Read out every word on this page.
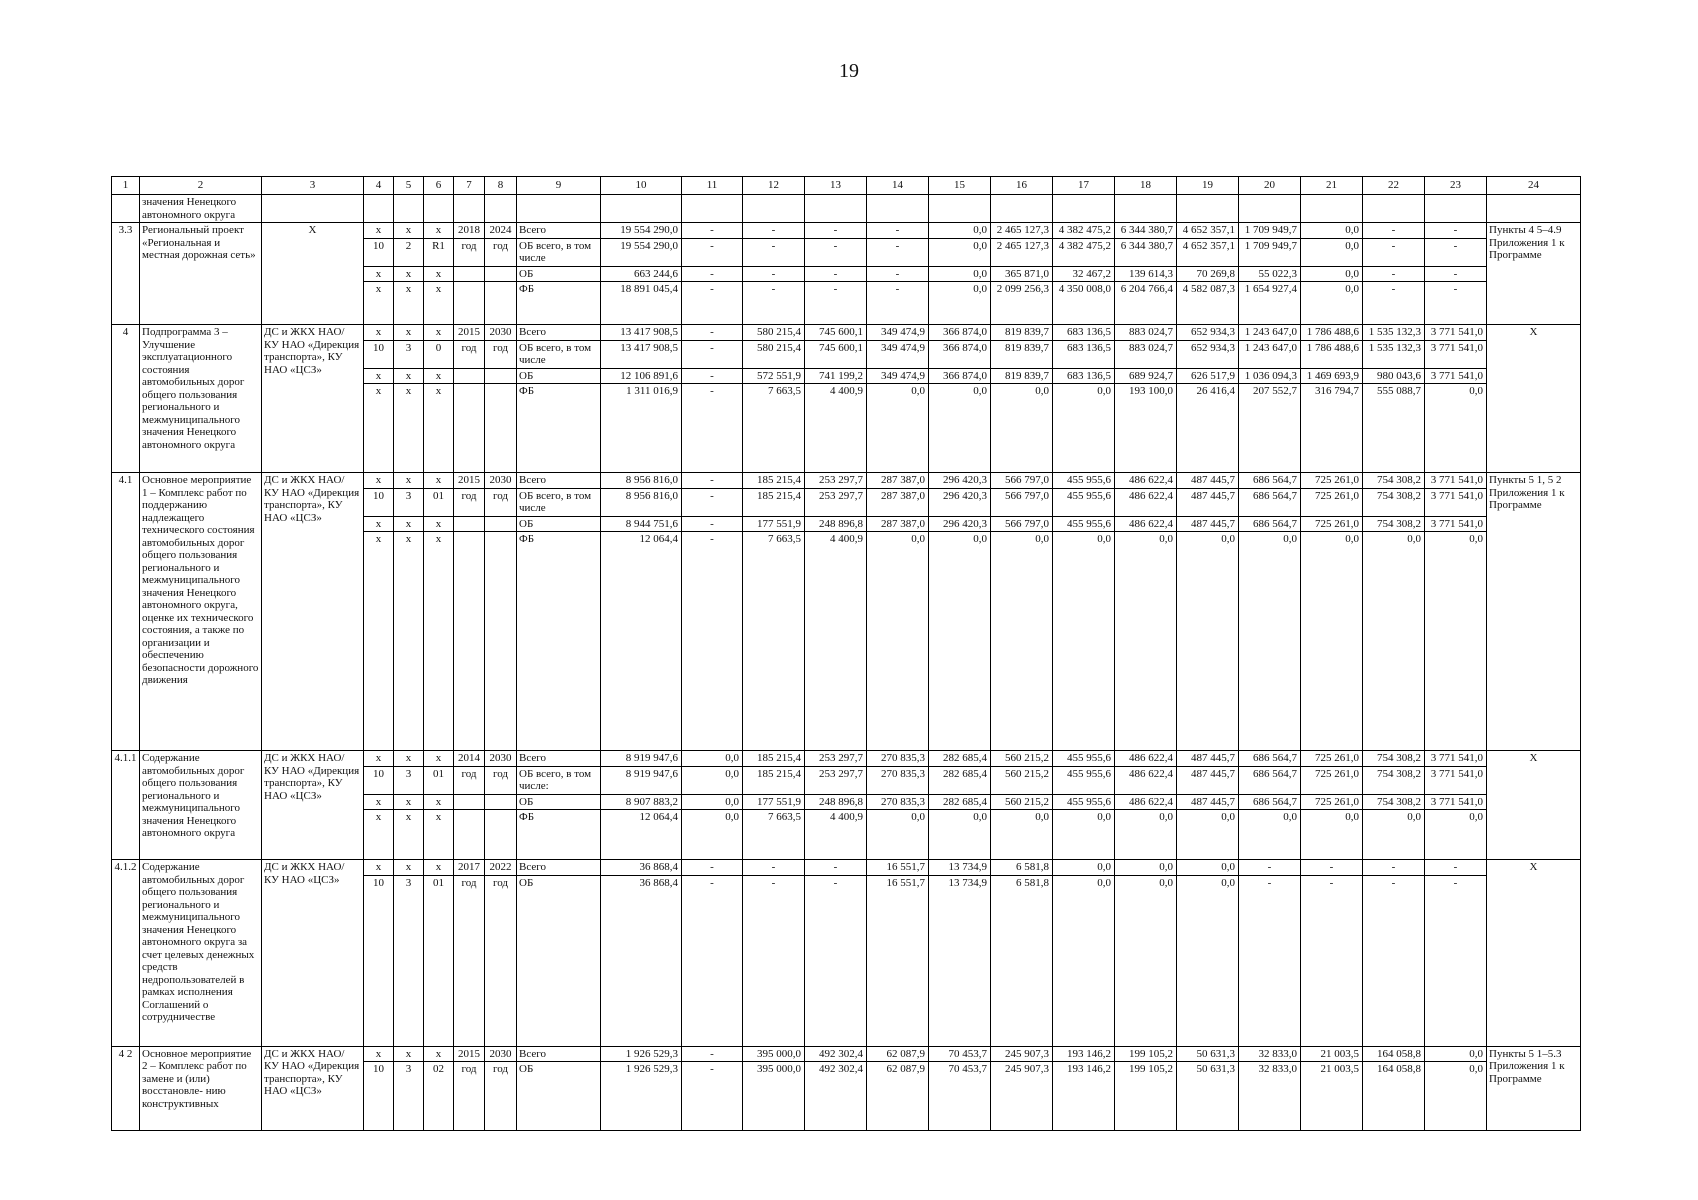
19
1	2	3	4	5	6	7	8	9	10	11	12	13	14	15	16	17	18	19	20	21	22	23	24
	значения Ненецкого автономного округа																						
3.3	Региональный проект «Региональная и местная дорожная сеть»	X	x	x	x	2018	2024	Всего	19 554 290,0	-	-	-	-	0,0	2 465 127,3	4 382 475,2	6 344 380,7	4 652 357,1	1 709 949,7	0,0	-	-	Пункты 4 5–4.9 Приложения 1 к Программе
			10	2	R1	год	год	ОБ всего, в том числе	19 554 290,0	-	-	-	-	0,0	2 465 127,3	4 382 475,2	6 344 380,7	4 652 357,1	1 709 949,7	0,0	-	-	
			x	x	x			ОБ	663 244,6	-	-	-	-	0,0	365 871,0	32 467,2	139 614,3	70 269,8	55 022,3	0,0	-	-	
			x	x	x			ФБ	18 891 045,4	-	-	-	-	0,0	2 099 256,3	4 350 008,0	6 204 766,4	4 582 087,3	1 654 927,4	0,0	-	-	
4	Подпрограмма 3 – Улучшение эксплуатационного состояния автомобильных дорог общего пользования регионального и межмуниципального значения Ненецкого автономного округа	ДС и ЖКХ НАО/ КУ НАО «Дирекция транспорта», КУ НАО «ЦСЗ»	x	x	x	2015	2030	Всего	13 417 908,5	-	580 215,4	745 600,1	349 474,9	366 874,0	819 839,7	683 136,5	883 024,7	652 934,3	1 243 647,0	1 786 488,6	1 535 132,3	3 771 541,0	X
			10	3	0	год	год	ОБ всего, в том числе	13 417 908,5	-	580 215,4	745 600,1	349 474,9	366 874,0	819 839,7	683 136,5	883 024,7	652 934,3	1 243 647,0	1 786 488,6	1 535 132,3	3 771 541,0	
			x	x	x			ОБ	12 106 891,6	-	572 551,9	741 199,2	349 474,9	366 874,0	819 839,7	683 136,5	689 924,7	626 517,9	1 036 094,3	1 469 693,9	980 043,6	3 771 541,0	
			x	x	x			ФБ	1 311 016,9	-	7 663,5	4 400,9	0,0	0,0	0,0	0,0	193 100,0	26 416,4	207 552,7	316 794,7	555 088,7	0,0	
4.1	Основное мероприятие 1 – Комплекс работ по поддержанию надлежащего технического состояния автомобильных дорог общего пользования регионального и межмуниципального значения Ненецкого автономного округа, оценке их технического состояния, а также по организации и обеспечению безопасности дорожного движения	ДС и ЖКХ НАО/ КУ НАО «Дирекция транспорта», КУ НАО «ЦСЗ»	x	x	x	2015	2030	Всего	8 956 816,0	-	185 215,4	253 297,7	287 387,0	296 420,3	566 797,0	455 955,6	486 622,4	487 445,7	686 564,7	725 261,0	754 308,2	3 771 541,0	Пункты 5 1, 5 2 Приложения 1 к Программе
			10	3	01	год	год	ОБ всего, в том числе	8 956 816,0	-	185 215,4	253 297,7	287 387,0	296 420,3	566 797,0	455 955,6	486 622,4	487 445,7	686 564,7	725 261,0	754 308,2	3 771 541,0	
			x	x	x			ОБ	8 944 751,6	-	177 551,9	248 896,8	287 387,0	296 420,3	566 797,0	455 955,6	486 622,4	487 445,7	686 564,7	725 261,0	754 308,2	3 771 541,0	
			x	x	x			ФБ	12 064,4	-	7 663,5	4 400,9	0,0	0,0	0,0	0,0	0,0	0,0	0,0	0,0	0,0	0,0	
4.1.1	Содержание автомобильных дорог общего пользования регионального и межмуниципального значения Ненецкого автономного округа	ДС и ЖКХ НАО/ КУ НАО «Дирекция транспорта», КУ НАО «ЦСЗ»	x	x	x	2014	2030	Всего	8 919 947,6	0,0	185 215,4	253 297,7	270 835,3	282 685,4	560 215,2	455 955,6	486 622,4	487 445,7	686 564,7	725 261,0	754 308,2	3 771 541,0	X
			10	3	01	год	год	ОБ всего, в том числе:	8 919 947,6	0,0	185 215,4	253 297,7	270 835,3	282 685,4	560 215,2	455 955,6	486 622,4	487 445,7	686 564,7	725 261,0	754 308,2	3 771 541,0	
			x	x	x			ОБ	8 907 883,2	0,0	177 551,9	248 896,8	270 835,3	282 685,4	560 215,2	455 955,6	486 622,4	487 445,7	686 564,7	725 261,0	754 308,2	3 771 541,0	
			x	x	x			ФБ	12 064,4	0,0	7 663,5	4 400,9	0,0	0,0	0,0	0,0	0,0	0,0	0,0	0,0	0,0	0,0	
4.1.2	Содержание автомобильных дорог общего пользования регионального и межмуниципального значения Ненецкого автономного округа за счет целевых денежных средств недропользователей в рамках исполнения Соглашений о сотрудничестве	ДС и ЖКХ НАО/ КУ НАО «ЦСЗ»	x	x	x	2017	2022	Всего	36 868,4	-	-	-	16 551,7	13 734,9	6 581,8	0,0	0,0	0,0	-	-	-	-	X
			10	3	01	год	год	ОБ	36 868,4	-	-	-	16 551,7	13 734,9	6 581,8	0,0	0,0	0,0	-	-	-	-	
4 2	Основное мероприятие 2 – Комплекс работ по замене и (или) восстановле- нию конструктивных	ДС и ЖКХ НАО/ КУ НАО «Дирекция транспорта», КУ НАО «ЦСЗ»	x	x	x	2015	2030	Всего	1 926 529,3	-	395 000,0	492 302,4	62 087,9	70 453,7	245 907,3	193 146,2	199 105,2	50 631,3	32 833,0	21 003,5	164 058,8	0,0	Пункты 5 1–5.3 Приложения 1 к Программе
			10	3	02	год	год	ОБ	1 926 529,3	-	395 000,0	492 302,4	62 087,9	70 453,7	245 907,3	193 146,2	199 105,2	50 631,3	32 833,0	21 003,5	164 058,8	0,0	
